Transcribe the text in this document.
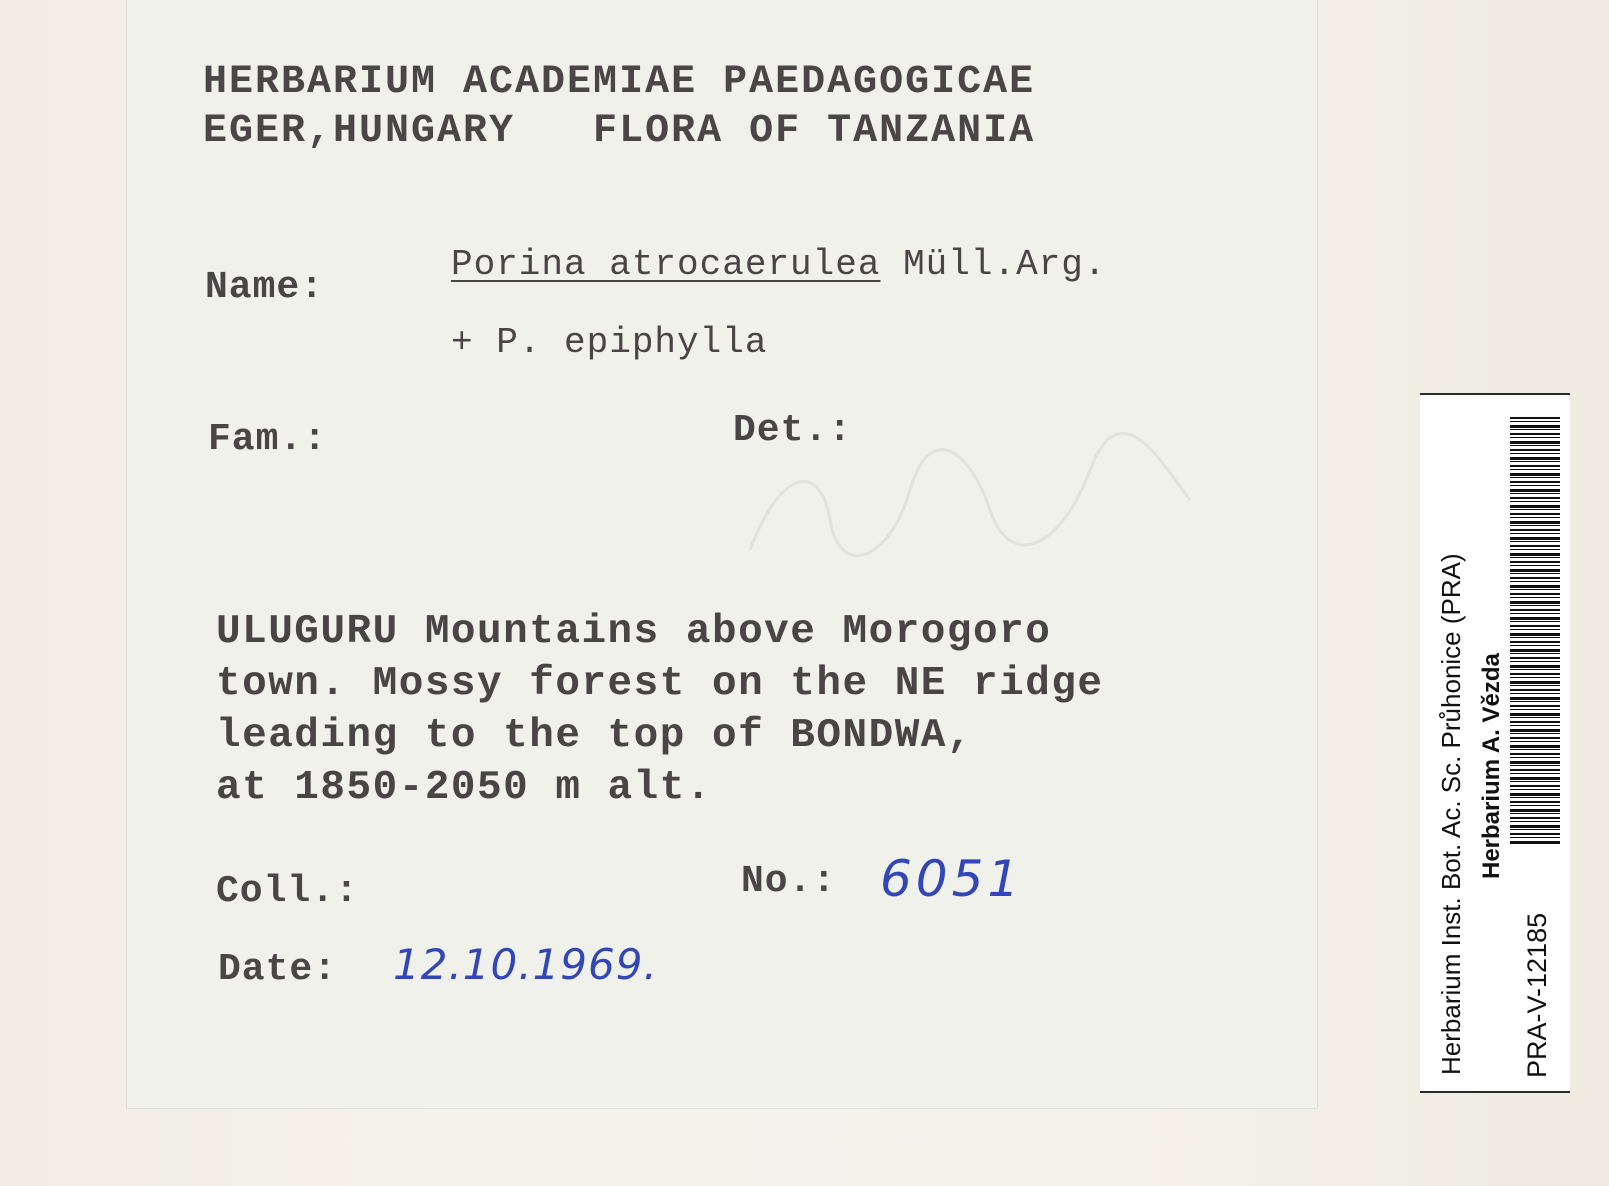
HERBARIUM ACADEMIAE PAEDAGOGICAE
EGER,HUNGARY   FLORA OF TANZANIA
Name:
Porina atrocaerulea Müll.Arg.
+ P. epiphylla
Fam.:	Det.:
ULUGURU Mountains above Morogoro
town. Mossy forest on the NE ridge
leading to the top of BONDWA,
at 1850-2050 m alt.
Coll.:	No.: 6051
Date: 12.10.1969.	Herbarium Inst. Bot. Ac. Sc. Průhonice (PRA) Herbarium A. Vězda
PRA-V-12185
